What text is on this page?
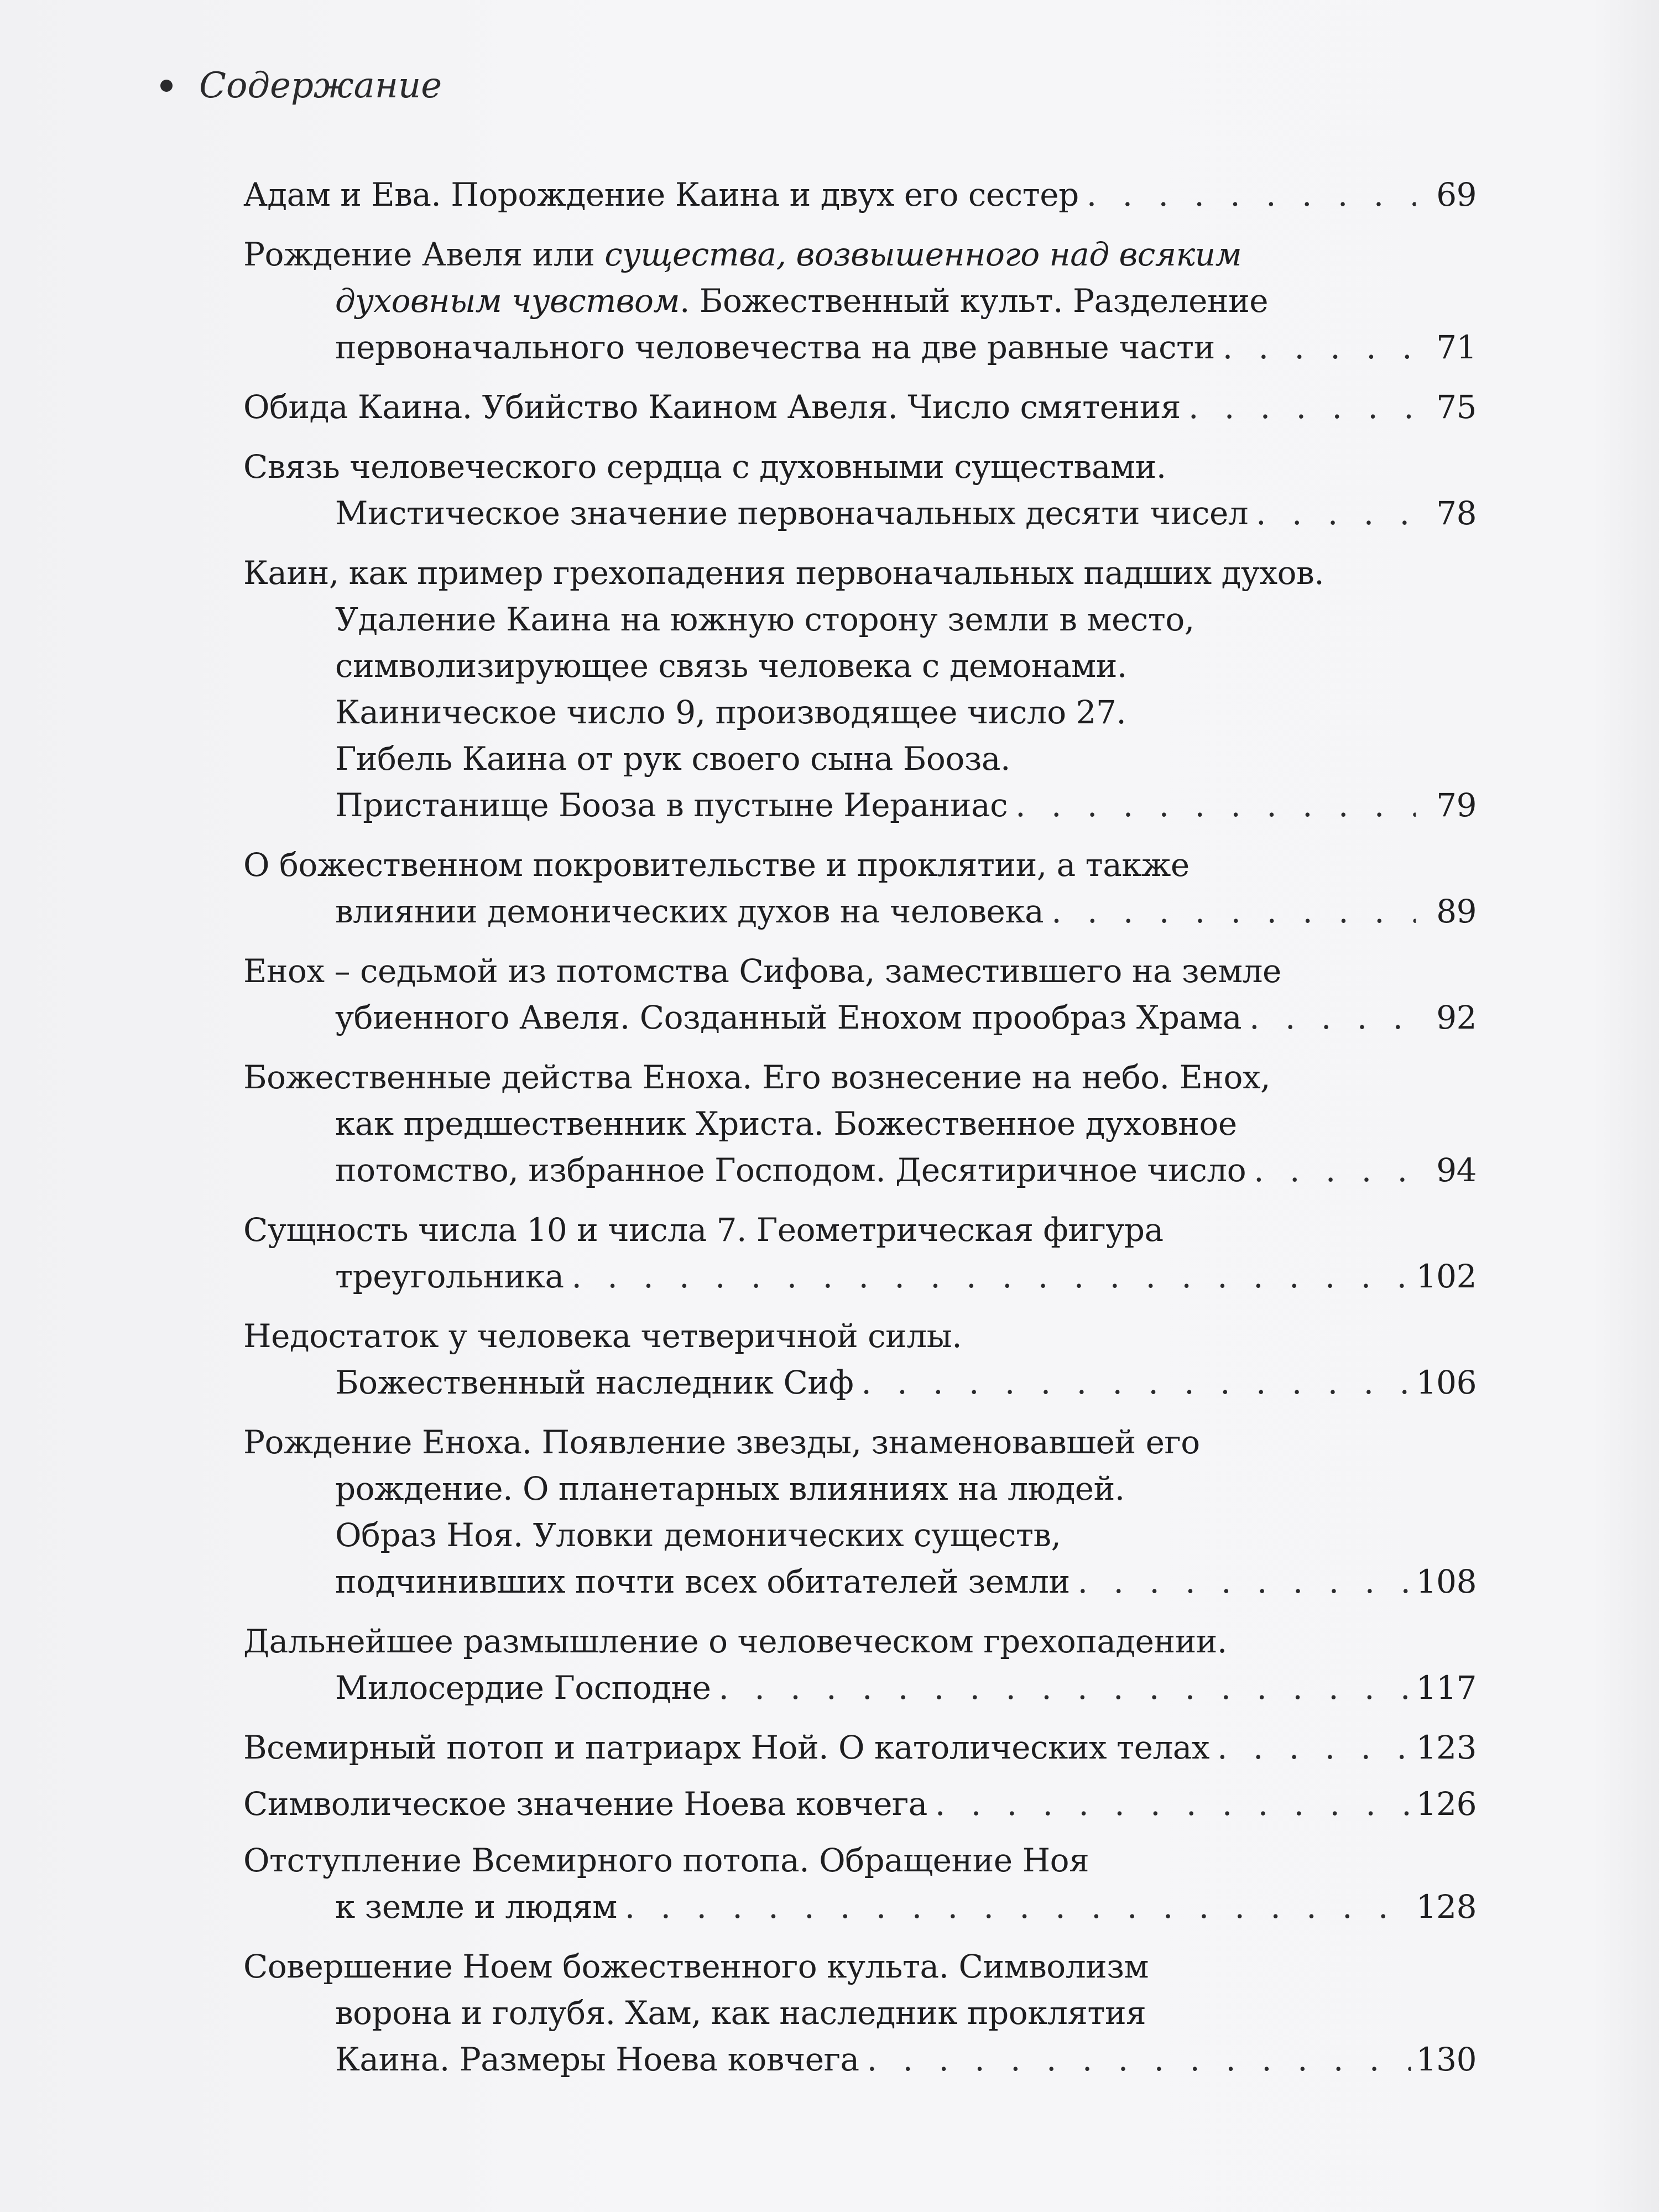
Содержание
Адам и Ева. Порождение Каина и двух его сестер . . .	69
Рождение Авеля или существа, возвышенного над всяким
духовным чувством. Божественный культ. Разделение
первоначального человечества на две равные части . . .	71
Обида Каина. Убийство Каином Авеля. Число смятения . . .	75
Связь человеческого сердца с духовными существами.
Мистическое значение первоначальных десяти чисел . . .	78
Каин, как пример грехопадения первоначальных падших духов.
Удаление Каина на южную сторону земли в место,
символизирующее связь человека с демонами.
Каиническое число 9, производящее число 27.
Гибель Каина от рук своего сына Бооза.
Пристанище Бооза в пустыне Иераниас . . .	79
О божественном покровительстве и проклятии, а также
влиянии демонических духов на человека . . .	89
Енох – седьмой из потомства Сифова, заместившего на земле
убиенного Авеля. Созданный Енохом прообраз Храма . . .	92
Божественные действа Еноха. Его вознесение на небо. Енох,
как предшественник Христа. Божественное духовное
потомство, избранное Господом. Десятиричное число . . .	94
Сущность числа 10 и числа 7. Геометрическая фигура
треугольника . . .	102
Недостаток у человека четверичной силы.
Божественный наследник Сиф . . .	106
Рождение Еноха. Появление звезды, знаменовавшей его
рождение. О планетарных влияниях на людей.
Образ Ноя. Уловки демонических существ,
подчинивших почти всех обитателей земли . . .	108
Дальнейшее размышление о человеческом грехопадении.
Милосердие Господне . . .	117
Всемирный потоп и патриарх Ной. О католических телах . . .	123
Символическое значение Ноева ковчега . . .	126
Отступление Всемирного потопа. Обращение Ноя
к земле и людям . . .	128
Совершение Ноем божественного культа. Символизм
ворона и голубя. Хам, как наследник проклятия
Каина. Размеры Ноева ковчега . . .	130
